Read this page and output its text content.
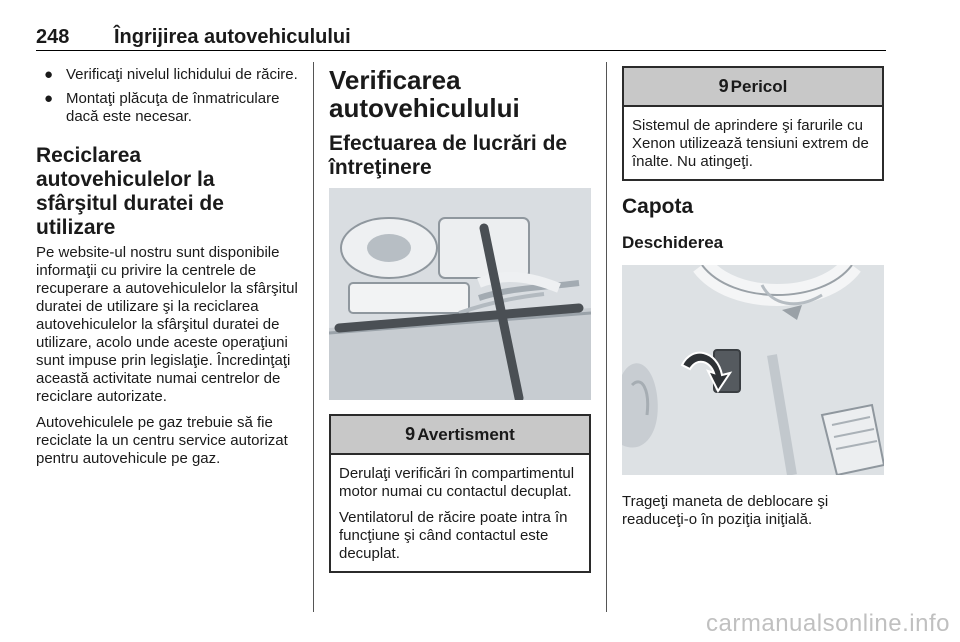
248 Îngrijirea autovehiculului
● Verificaţi nivelul lichidului de răcire.
● Montaţi plăcuţa de înmatriculare dacă este necesar.
Reciclarea autovehiculelor la sfârşitul duratei de utilizare

Pe website-ul nostru sunt disponibile informaţii cu privire la centrele de recuperare a autovehiculelor la sfârşitul duratei de utilizare şi la reciclarea autovehiculelor la sfârşitul duratei de utilizare, acolo unde aceste operaţiuni sunt impuse prin legislaţie. Încredinţaţi această activitate numai centrelor de reciclare autorizate.

Autovehiculele pe gaz trebuie să fie reciclate la un centru service autorizat pentru autovehicule pe gaz.

Verificarea autovehiculului
Efectuarea de lucrări de întreţinere
9 Avertisment

Derulaţi verificări în compartimentul motor numai cu contactul decuplat.

Ventilatorul de răcire poate intra în funcţiune şi când contactul este decuplat.

9 Pericol

Sistemul de aprindere şi farurile cu Xenon utilizează tensiuni extrem de înalte. Nu atingeţi.

Capota
Deschiderea

Trageţi maneta de deblocare şi readuceţi-o în poziţia iniţială.

carmanualsonline.info
